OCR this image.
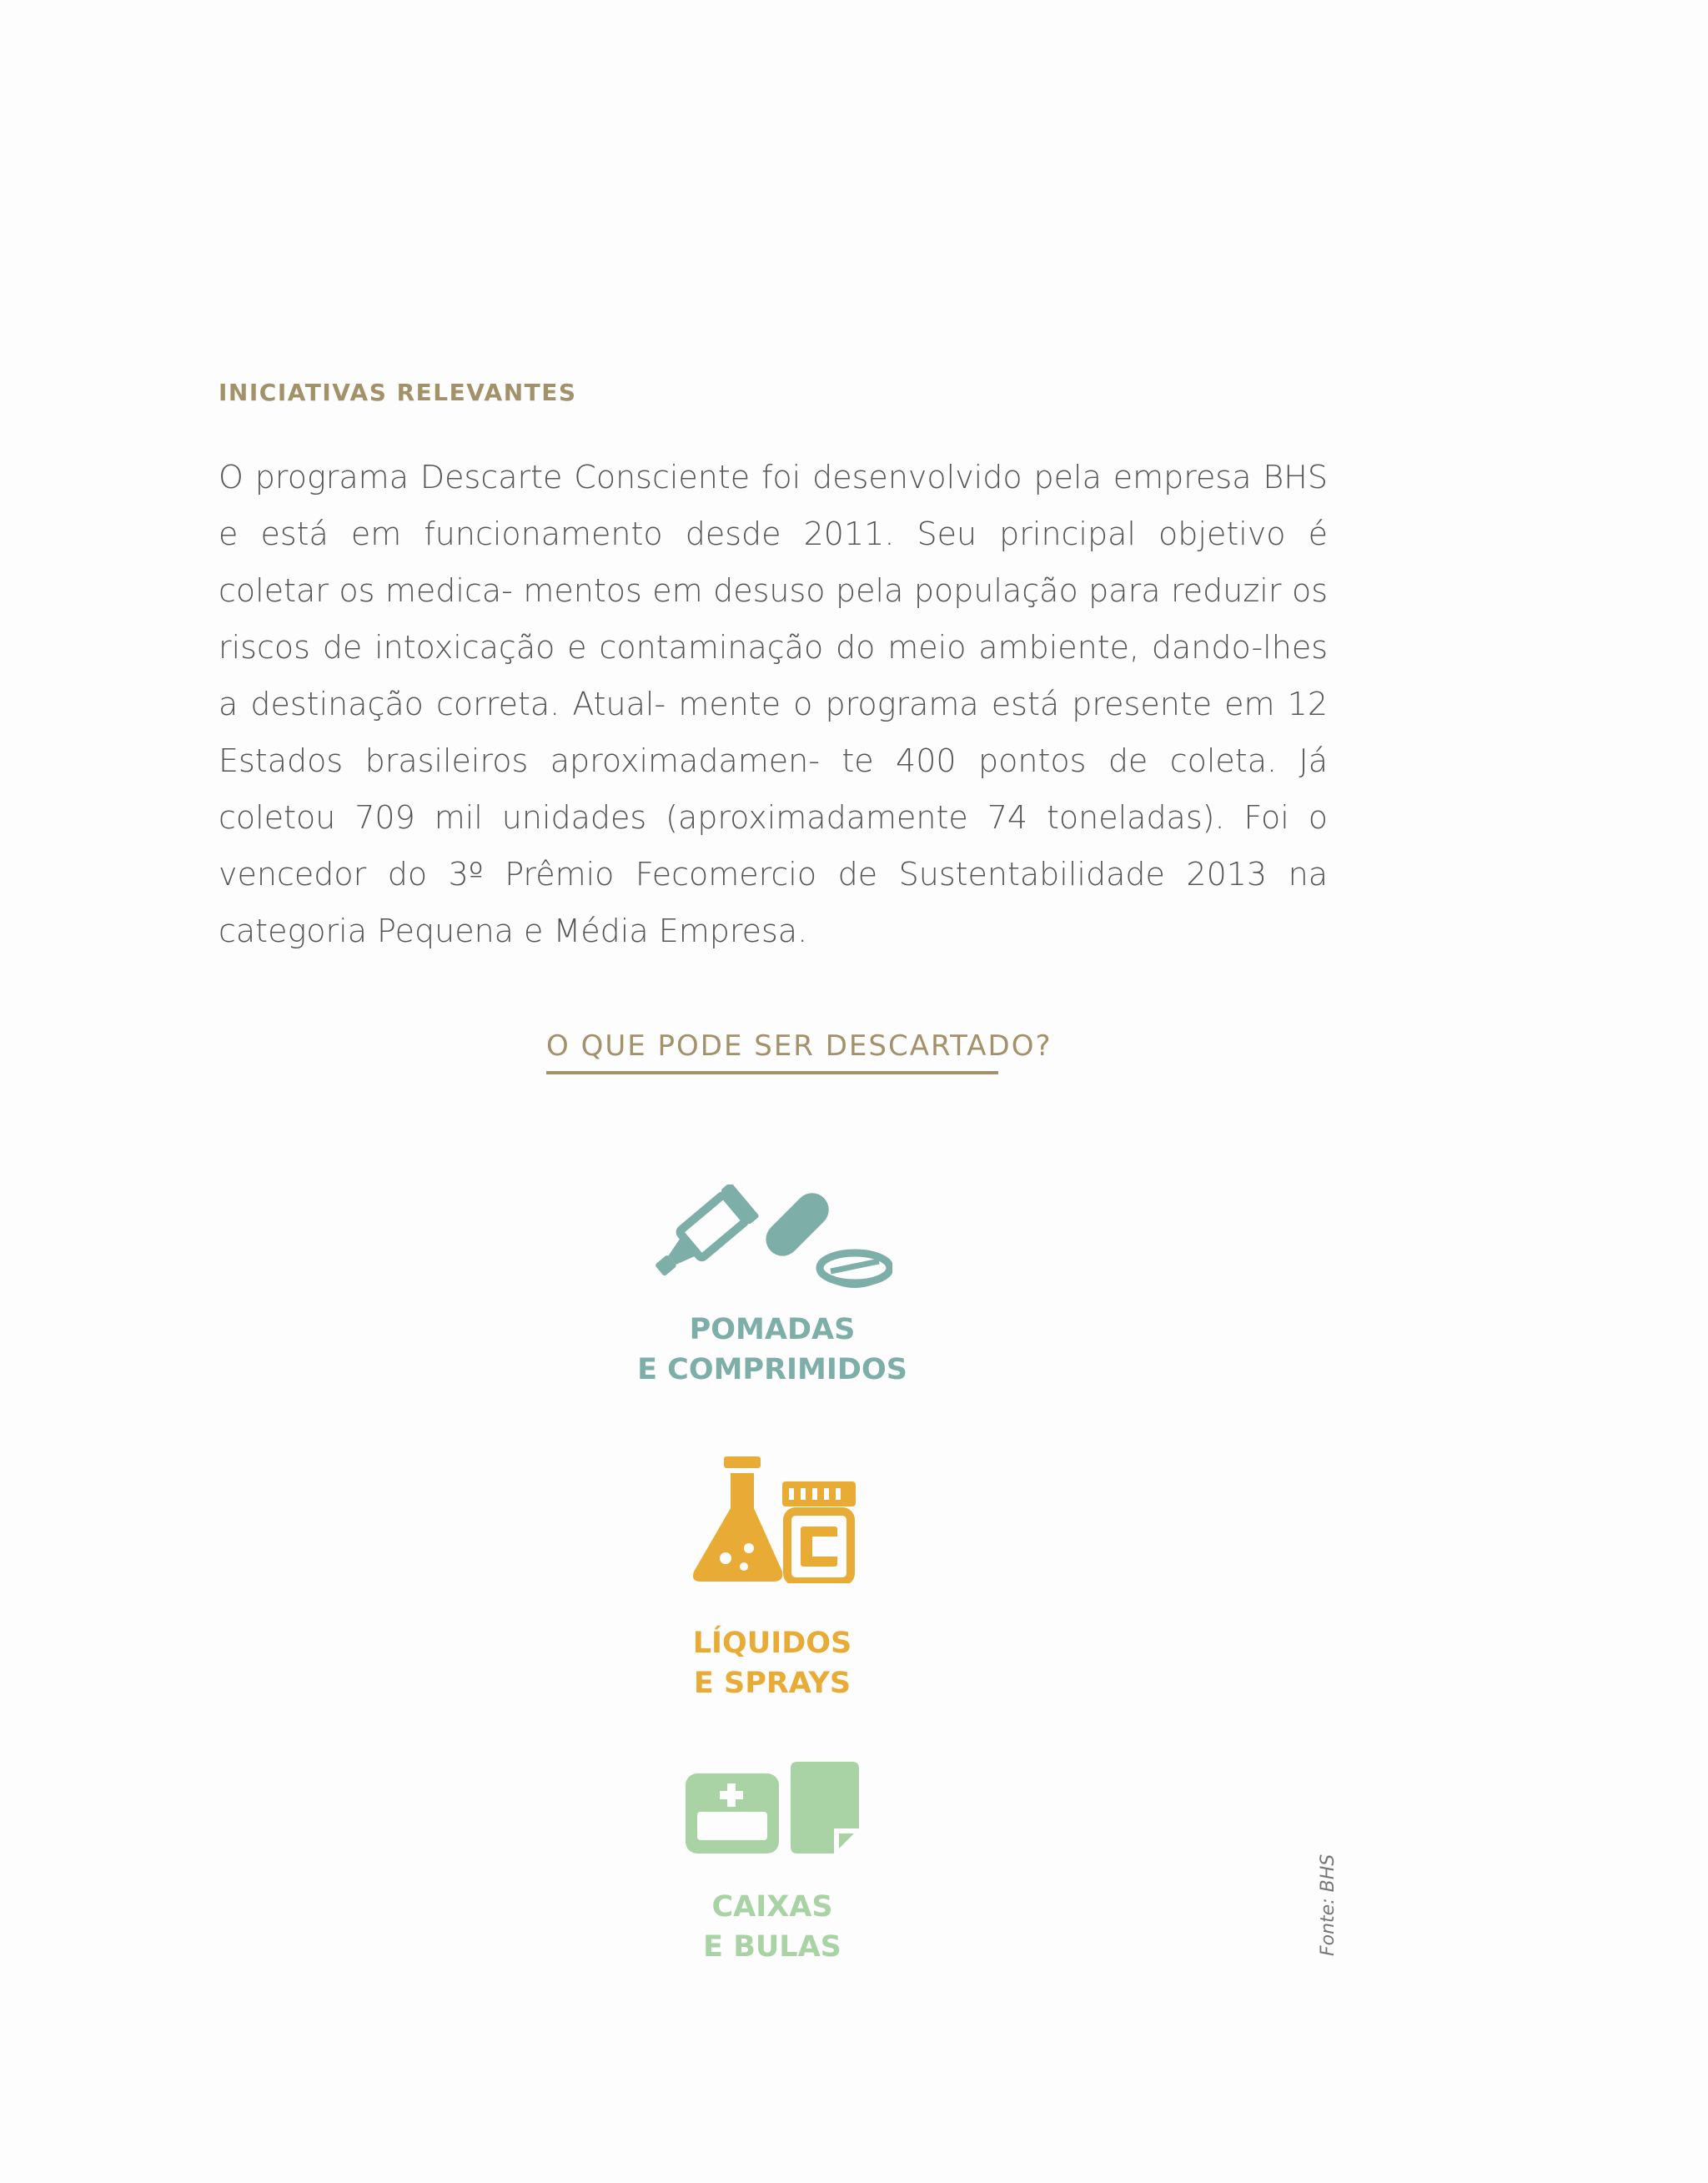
INICIATIVAS RELEVANTES

O programa Descarte Consciente foi desenvolvido pela empresa BHS e está em funcionamento desde 2011. Seu principal objetivo é coletar os medica- mentos em desuso pela população para reduzir os riscos de intoxicação e contaminação do meio ambiente, dando-lhes a destinação correta. Atual- mente o programa está presente em 12 Estados brasileiros aproximadamen- te 400 pontos de coleta. Já coletou 709 mil unidades (aproximadamente 74 toneladas). Foi o vencedor do 3º Prêmio Fecomercio de Sustentabilidade 2013 na categoria Pequena e Média Empresa.

O QUE PODE SER DESCARTADO?
POMADAS
E COMPRIMIDOS
LÍQUIDOS
E SPRAYS
CAIXAS
E BULAS	Fonte: BHS
